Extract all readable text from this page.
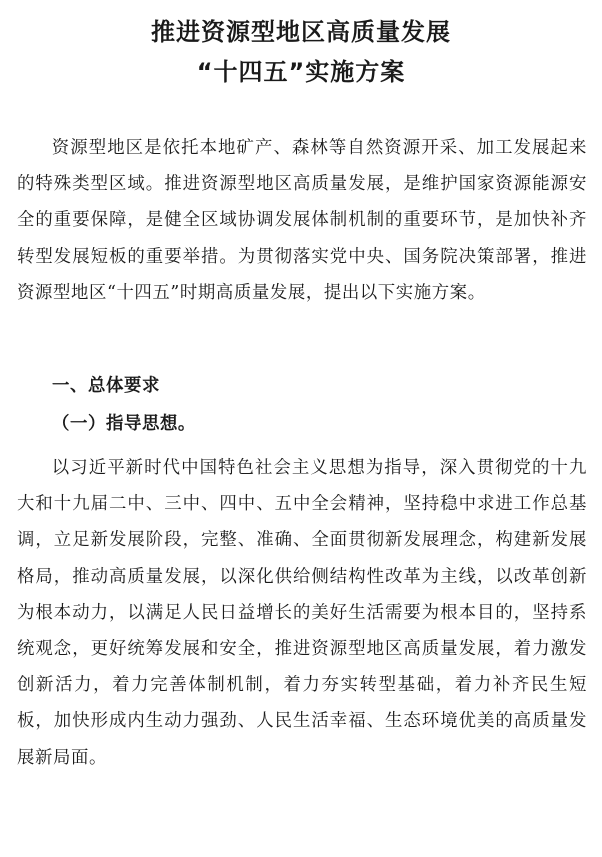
推进资源型地区高质量发展
“十四五”实施方案

资源型地区是依托本地矿产、森林等自然资源开采、加工发展起来的特殊类型区域。推进资源型地区高质量发展，是维护国家资源能源安全的重要保障，是健全区域协调发展体制机制的重要环节，是加快补齐转型发展短板的重要举措。为贯彻落实党中央、国务院决策部署，推进资源型地区“十四五”时期高质量发展，提出以下实施方案。

一、总体要求
（一）指导思想。

以习近平新时代中国特色社会主义思想为指导，深入贯彻党的十九大和十九届二中、三中、四中、五中全会精神，坚持稳中求进工作总基调，立足新发展阶段，完整、准确、全面贯彻新发展理念，构建新发展格局，推动高质量发展，以深化供给侧结构性改革为主线，以改革创新为根本动力，以满足人民日益增长的美好生活需要为根本目的，坚持系统观念，更好统筹发展和安全，推进资源型地区高质量发展，着力激发创新活力，着力完善体制机制，着力夯实转型基础，着力补齐民生短板，加快形成内生动力强劲、人民生活幸福、生态环境优美的高质量发展新局面。
